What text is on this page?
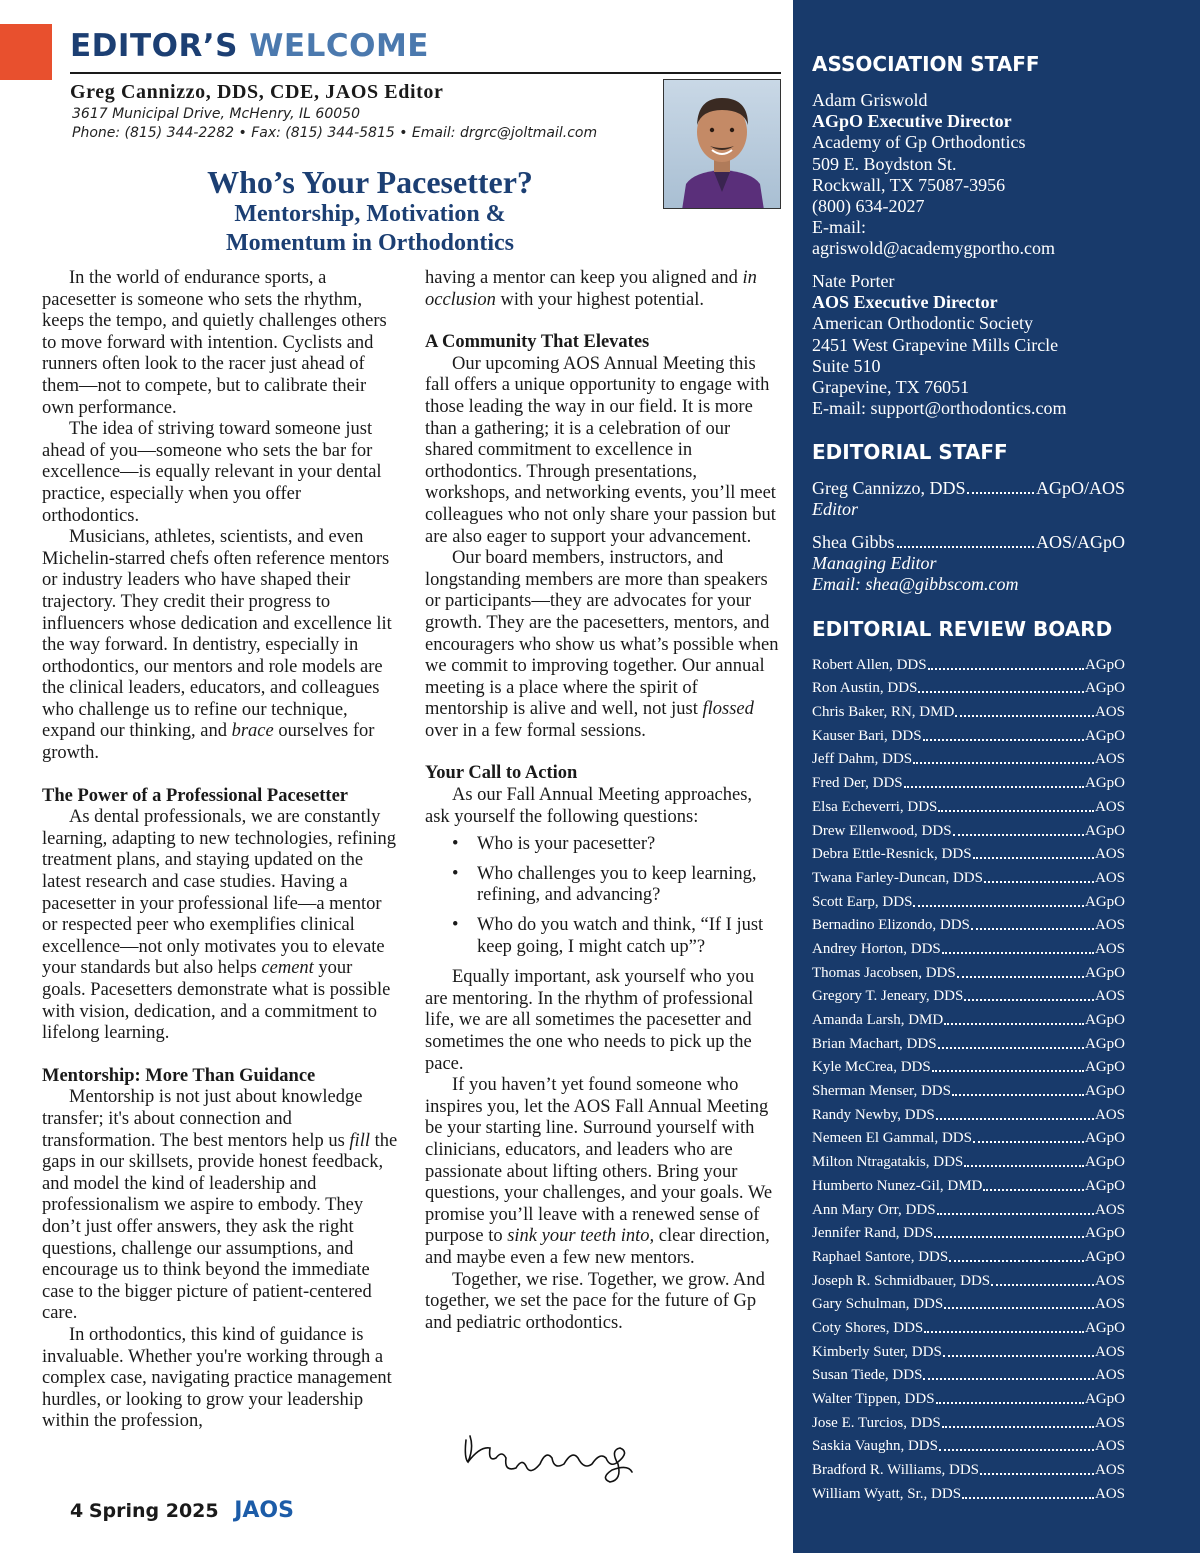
EDITOR’S WELCOME
Greg Cannizzo, DDS, CDE, JAOS Editor
3617 Municipal Drive, McHenry, IL 60050
Phone: (815) 344-2282 • Fax: (815) 344-5815 • Email: drgrc@joltmail.com
Who’s Your Pacesetter?
Mentorship, Motivation &
Momentum in Orthodontics

In the world of endurance sports, a pacesetter is someone who sets the rhythm, keeps the tempo, and quietly challenges others to move forward with intention. Cyclists and runners often look to the racer just ahead of them—not to compete, but to calibrate their own performance.

The idea of striving toward someone just ahead of you—someone who sets the bar for excellence—is equally relevant in your dental practice, especially when you offer orthodontics.

Musicians, athletes, scientists, and even Michelin-starred chefs often reference mentors or industry leaders who have shaped their trajectory. They credit their progress to influencers whose dedication and excellence lit the way forward. In dentistry, especially in orthodontics, our mentors and role models are the clinical leaders, educators, and colleagues who challenge us to refine our technique, expand our thinking, and brace ourselves for growth.

The Power of a Professional Pacesetter

As dental professionals, we are constantly learning, adapting to new technologies, refining treatment plans, and staying updated on the latest research and case studies. Having a pacesetter in your professional life—a mentor or respected peer who exemplifies clinical excellence—not only motivates you to elevate your standards but also helps cement your goals. Pacesetters demonstrate what is possible with vision, dedication, and a commitment to lifelong learning.

Mentorship: More Than Guidance

Mentorship is not just about knowledge transfer; it's about connection and transformation. The best mentors help us fill the gaps in our skillsets, provide honest feedback, and model the kind of leadership and professionalism we aspire to embody. They don’t just offer answers, they ask the right questions, challenge our assumptions, and encourage us to think beyond the immediate case to the bigger picture of patient-centered care.

In orthodontics, this kind of guidance is invaluable. Whether you're working through a complex case, navigating practice management hurdles, or looking to grow your leadership within the profession,

having a mentor can keep you aligned and in occlusion with your highest potential.
A Community That Elevates

Our upcoming AOS Annual Meeting this fall offers a unique opportunity to engage with those leading the way in our field. It is more than a gathering; it is a celebration of our shared commitment to excellence in orthodontics. Through presentations, workshops, and networking events, you’ll meet colleagues who not only share your passion but are also eager to support your advancement.

Our board members, instructors, and longstanding members are more than speakers or participants—they are advocates for your growth. They are the pacesetters, mentors, and encouragers who show us what’s possible when we commit to improving together. Our annual meeting is a place where the spirit of mentorship is alive and well, not just flossed over in a few formal sessions.

Your Call to Action

As our Fall Annual Meeting approaches, ask yourself the following questions:

• Who is your pacesetter?
• Who challenges you to keep learning, refining, and advancing?
• Who do you watch and think, “If I just keep going, I might catch up”?

Equally important, ask yourself who you are mentoring. In the rhythm of professional life, we are all sometimes the pacesetter and sometimes the one who needs to pick up the pace.

If you haven’t yet found someone who inspires you, let the AOS Fall Annual Meeting be your starting line. Surround yourself with clinicians, educators, and leaders who are passionate about lifting others. Bring your questions, your challenges, and your goals. We promise you’ll leave with a renewed sense of purpose to sink your teeth into, clear direction, and maybe even a few new mentors.

Together, we rise. Together, we grow. And together, we set the pace for the future of Gp and pediatric orthodontics.

4 Spring 2025 JAOS
ASSOCIATION STAFF
Adam Griswold
AGpO Executive Director
Academy of Gp Orthodontics
509 E. Boydston St.
Rockwall, TX 75087-3956
(800) 634-2027
E-mail:
agriswold@academygportho.com
Nate Porter
AOS Executive Director
American Orthodontic Society
2451 West Grapevine Mills Circle
Suite 510
Grapevine, TX 76051
E-mail: support@orthodontics.com
EDITORIAL STAFF
Greg Cannizzo, DDS	AGpO/AOS
Editor
Shea Gibbs	AOS/AGpO
Managing Editor
Email: shea@gibbscom.com
EDITORIAL REVIEW BOARD
Robert Allen, DDS	AGpO
Ron Austin, DDS	AGpO
Chris Baker, RN, DMD	AOS
Kauser Bari, DDS	AGpO
Jeff Dahm, DDS	AOS
Fred Der, DDS	AGpO
Elsa Echeverri, DDS	AOS
Drew Ellenwood, DDS	AGpO
Debra Ettle-Resnick, DDS	AOS
Twana Farley-Duncan, DDS	AOS
Scott Earp, DDS	AGpO
Bernadino Elizondo, DDS	AOS
Andrey Horton, DDS	AOS
Thomas Jacobsen, DDS	AGpO
Gregory T. Jeneary, DDS	AOS
Amanda Larsh, DMD	AGpO
Brian Machart, DDS	AGpO
Kyle McCrea, DDS	AGpO
Sherman Menser, DDS	AGpO
Randy Newby, DDS	AOS
Nemeen El Gammal, DDS	AGpO
Milton Ntragatakis, DDS	AGpO
Humberto Nunez-Gil, DMD	AGpO
Ann Mary Orr, DDS	AOS
Jennifer Rand, DDS	AGpO
Raphael Santore, DDS	AGpO
Joseph R. Schmidbauer, DDS	AOS
Gary Schulman, DDS	AOS
Coty Shores, DDS	AGpO
Kimberly Suter, DDS	AOS
Susan Tiede, DDS	AOS
Walter Tippen, DDS	AGpO
Jose E. Turcios, DDS	AOS
Saskia Vaughn, DDS	AOS
Bradford R. Williams, DDS	AOS
William Wyatt, Sr., DDS	AOS
